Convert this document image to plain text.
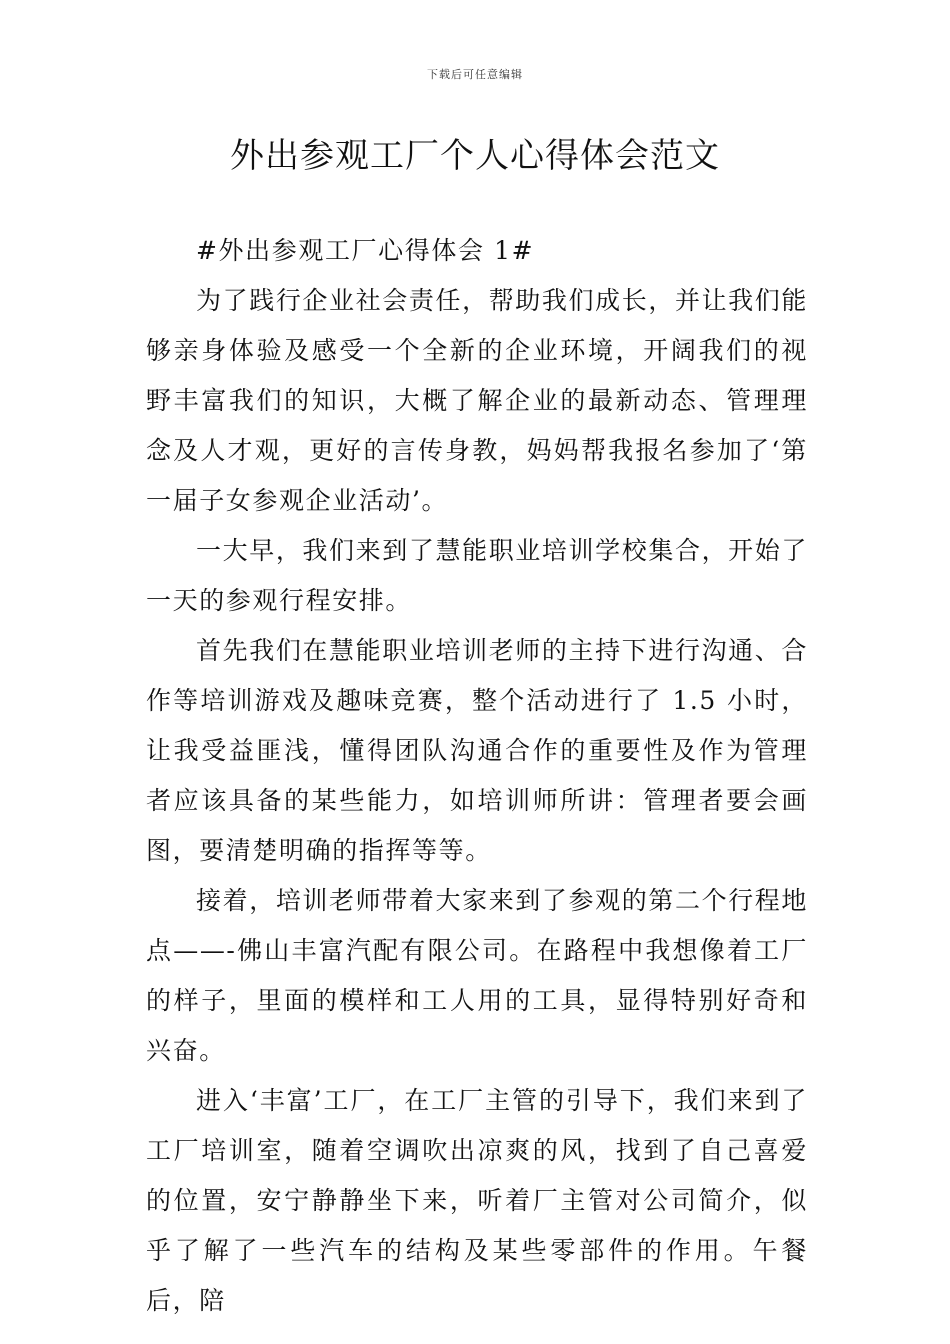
下载后可任意编辑
外出参观工厂个人心得体会范文

#外出参观工厂心得体会 1#

为了践行企业社会责任，帮助我们成长，并让我们能够亲身体验及感受一个全新的企业环境，开阔我们的视野丰富我们的知识，大概了解企业的最新动态、管理理念及人才观，更好的言传身教，妈妈帮我报名参加了‘第一届子女参观企业活动’。

一大早，我们来到了慧能职业培训学校集合，开始了一天的参观行程安排。

首先我们在慧能职业培训老师的主持下进行沟通、合作等培训游戏及趣味竞赛，整个活动进行了 1.5 小时，让我受益匪浅，懂得团队沟通合作的重要性及作为管理者应该具备的某些能力，如培训师所讲：管理者要会画图，要清楚明确的指挥等等。

接着，培训老师带着大家来到了参观的第二个行程地点——-佛山丰富汽配有限公司。在路程中我想像着工厂的样子，里面的模样和工人用的工具，显得特别好奇和兴奋。

进入‘丰富’工厂，在工厂主管的引导下，我们来到了工厂培训室，随着空调吹出凉爽的风，找到了自己喜爱的位置，安宁静静坐下来，听着厂主管对公司简介，似乎了解了一些汽车的结构及某些零部件的作用。午餐后，陪
